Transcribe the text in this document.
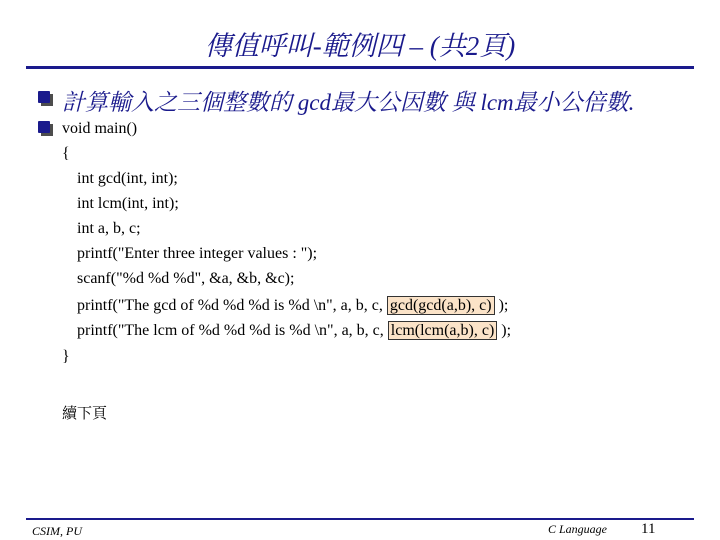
傳值呼叫-範例四 – (共2頁)
計算輸入之三個整數的 gcd最大公因數 與 lcm最小公倍數.
void main()
{
int gcd(int, int);
int lcm(int, int);
int a, b, c;
printf("Enter three integer values : ");
scanf("%d %d %d", &a, &b, &c);
printf("The gcd of %d %d %d is %d \n", a, b, c, gcd(gcd(a,b), c) );
printf("The lcm of %d %d %d is %d \n", a, b, c, lcm(lcm(a,b), c) );
}
續下頁
CSIM, PU	C Language 11
